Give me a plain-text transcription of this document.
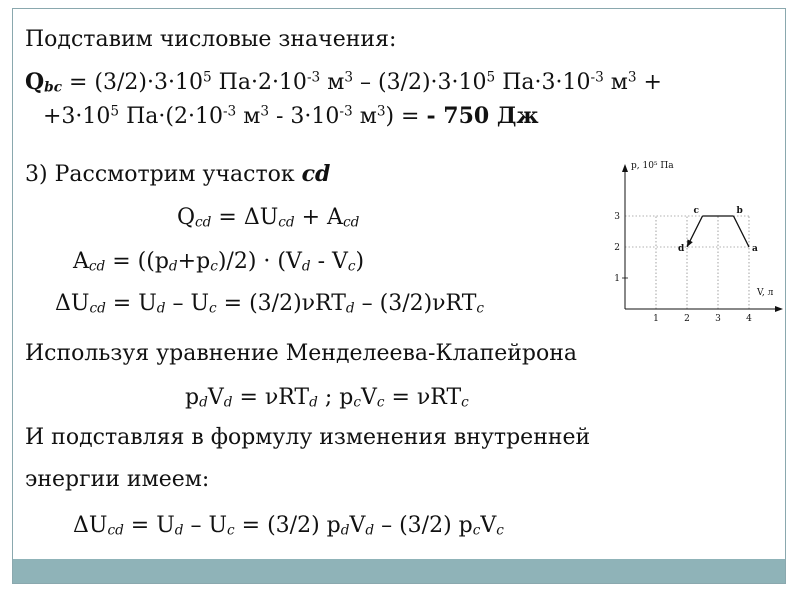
Подставим числовые значения:
$Q_{bc} = (3/2)\cdot 3\cdot 10^5$ $Па\cdot 2\cdot 10^{-3}$ $м^3 - (3/2)\cdot 3\cdot 10^5$ $Па\cdot 3\cdot 10^{-3}$ $м^3$ +
$+3\cdot 10^5$ $Па\cdot(2\cdot 10^{-3}$ $м^3 - 3\cdot 10^{-3}$ $м^3$) = - 750 Дж
3) Рассмотрим участок cd
$Q_{cd} = \Delta U_{cd} + A_{cd}$
$A_{cd} = ((p_d+p_c)/2) \cdot (V_d - V_c)$
$\Delta U_{cd} = U_d - U_c = (3/2)\nu RT_d - (3/2)\nu RT_c$
Используя уравнение Менделеева-Клапейрона
$p_dV_d = \nu RT_d$ ; $p_cV_c = \nu RT_c$
И подставляя в формулу изменения внутренней
энергии имеем:
$\Delta U_{cd} = U_d - U_c = (3/2)$ $p_dV_d - (3/2)$ $p_cV_c$
p, 10⁵ Па
V, л
1	2	3	4
1
2
3
d
c	b
a
